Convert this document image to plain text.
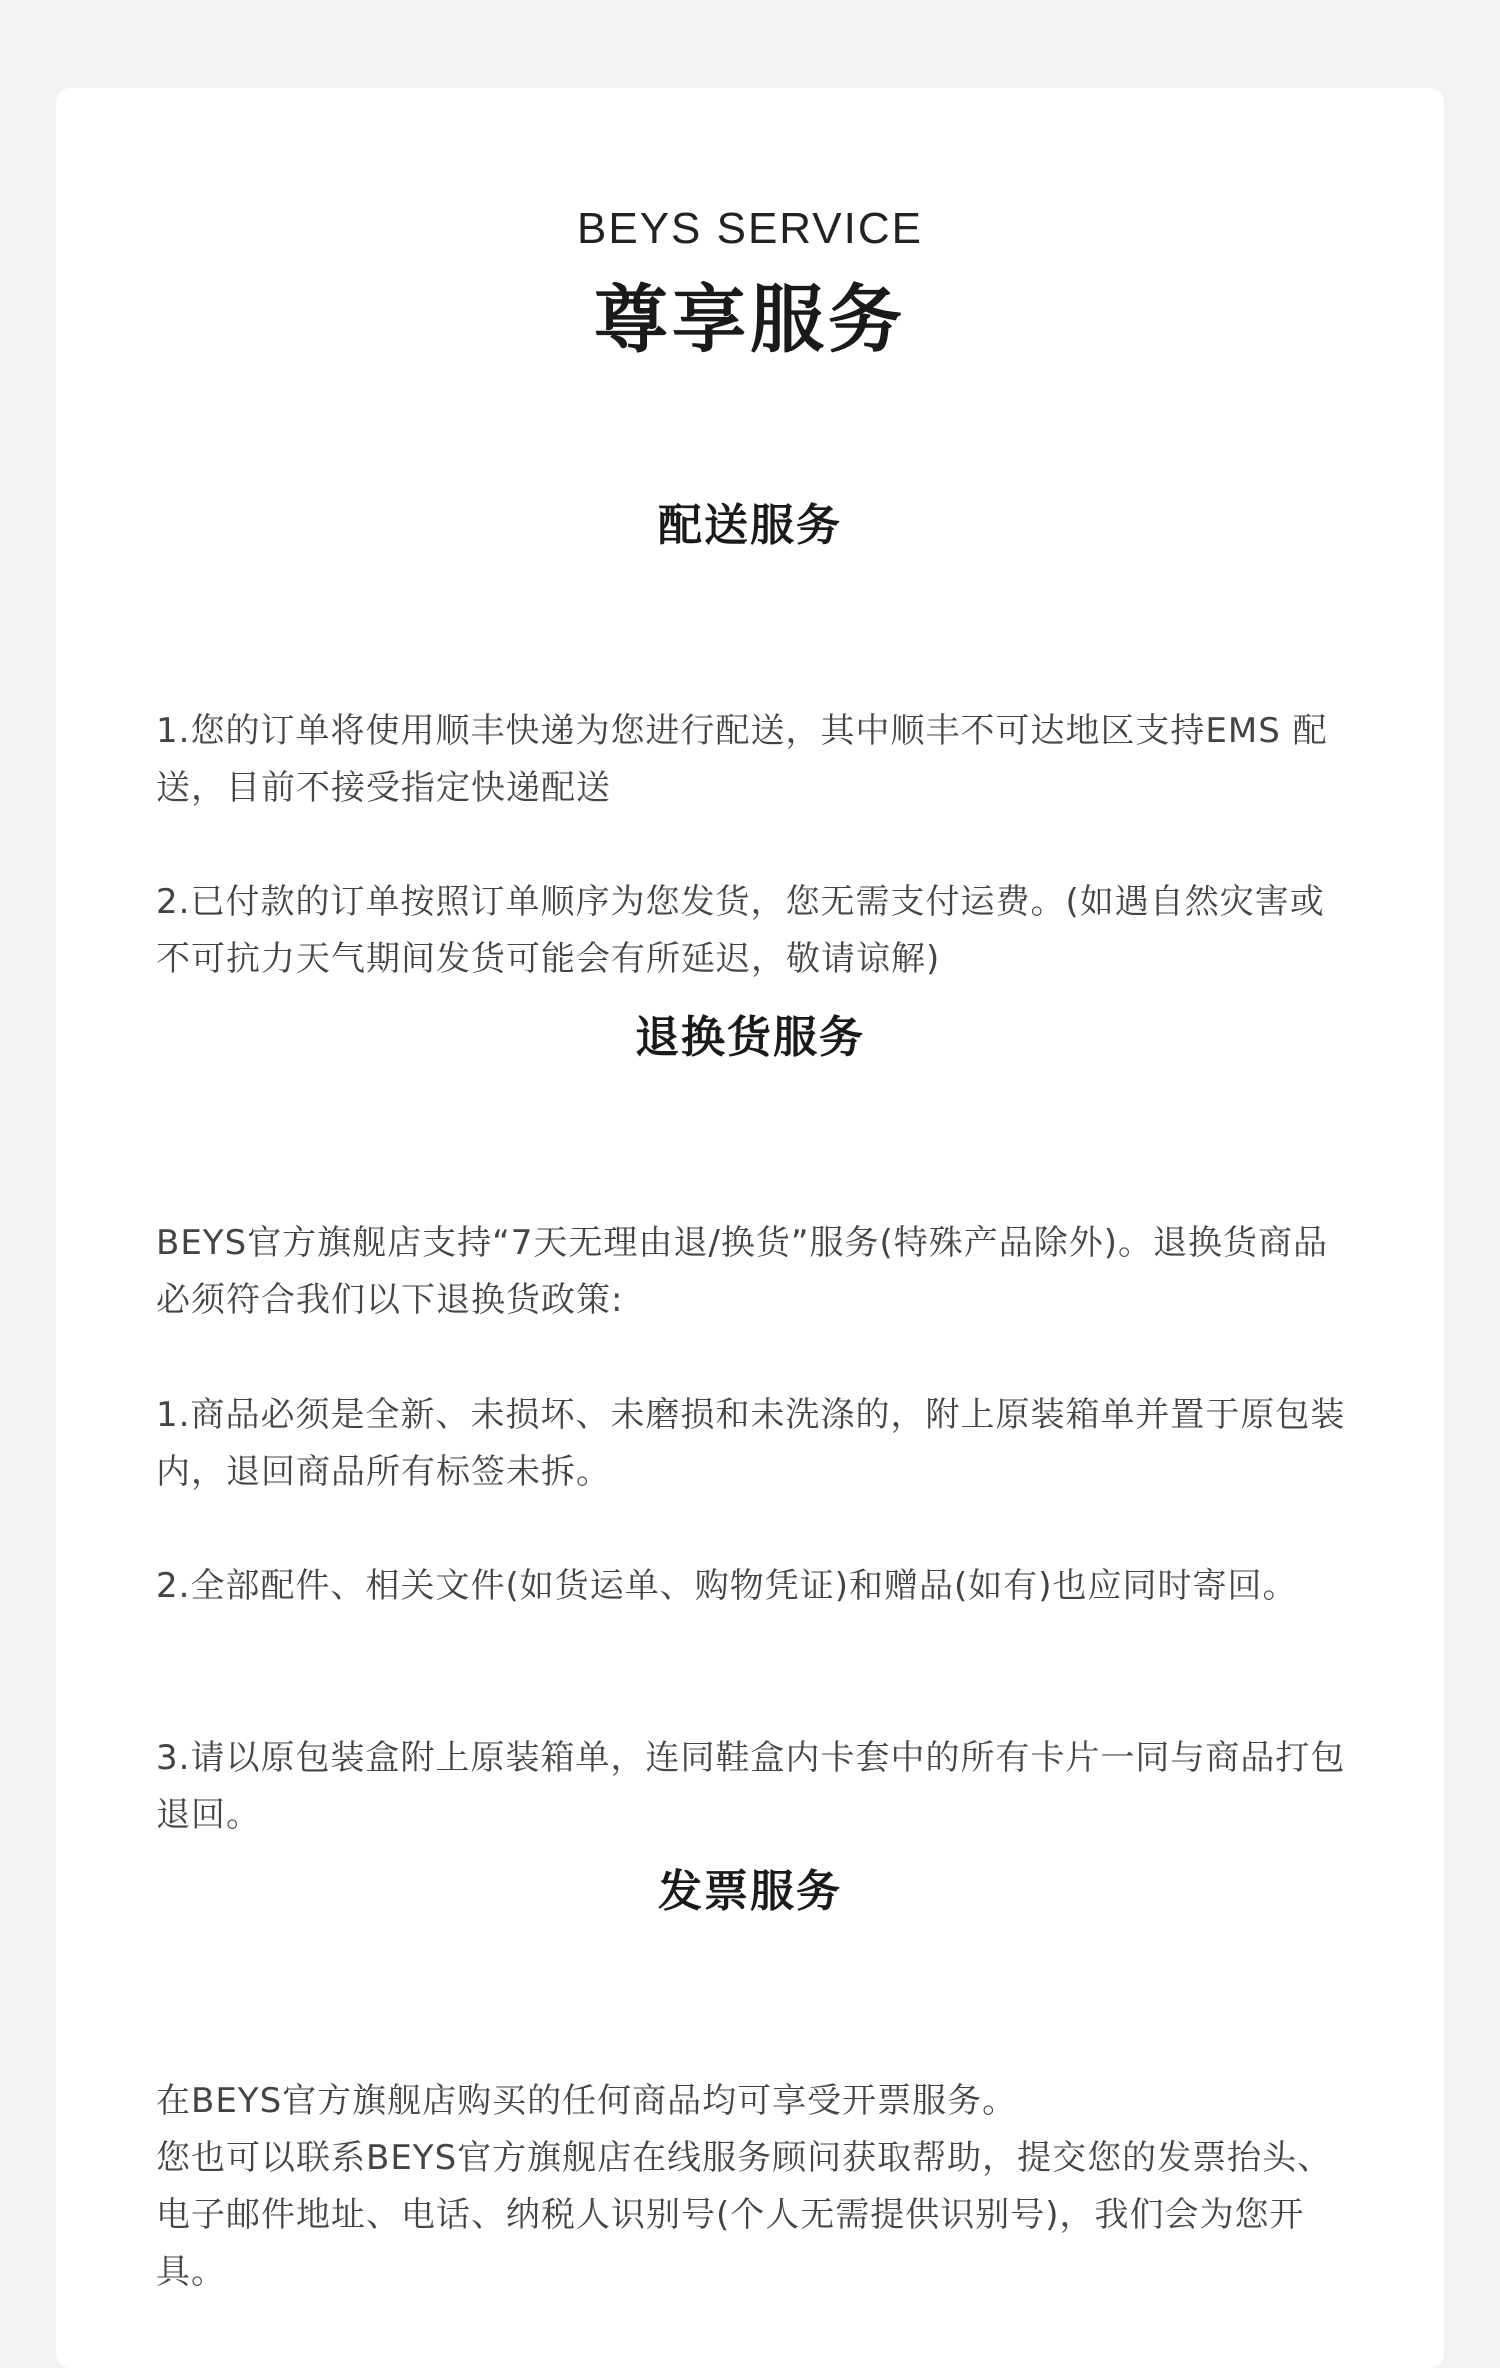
BEYS SERVICE
尊享服务
配送服务

1.您的订单将使用顺丰快递为您进行配送，其中顺丰不可达地区支持EMS 配送，目前不接受指定快递配送

2.已付款的订单按照订单顺序为您发货，您无需支付运费。(如遇自然灾害或不可抗力天气期间发货可能会有所延迟，敬请谅解)

退换货服务

BEYS官方旗舰店支持“7天无理由退/换货”服务(特殊产品除外)。退换货商品必须符合我们以下退换货政策:

1.商品必须是全新、未损坏、未磨损和未洗涤的，附上原装箱单并置于原包装内，退回商品所有标签未拆。

2.全部配件、相关文件(如货运单、购物凭证)和赠品(如有)也应同时寄回。

3.请以原包装盒附上原装箱单，连同鞋盒内卡套中的所有卡片一同与商品打包退回。

发票服务

在BEYS官方旗舰店购买的任何商品均可享受开票服务。

您也可以联系BEYS官方旗舰店在线服务顾问获取帮助，提交您的发票抬头、电子邮件地址、电话、纳税人识别号(个人无需提供识别号)，我们会为您开具。
